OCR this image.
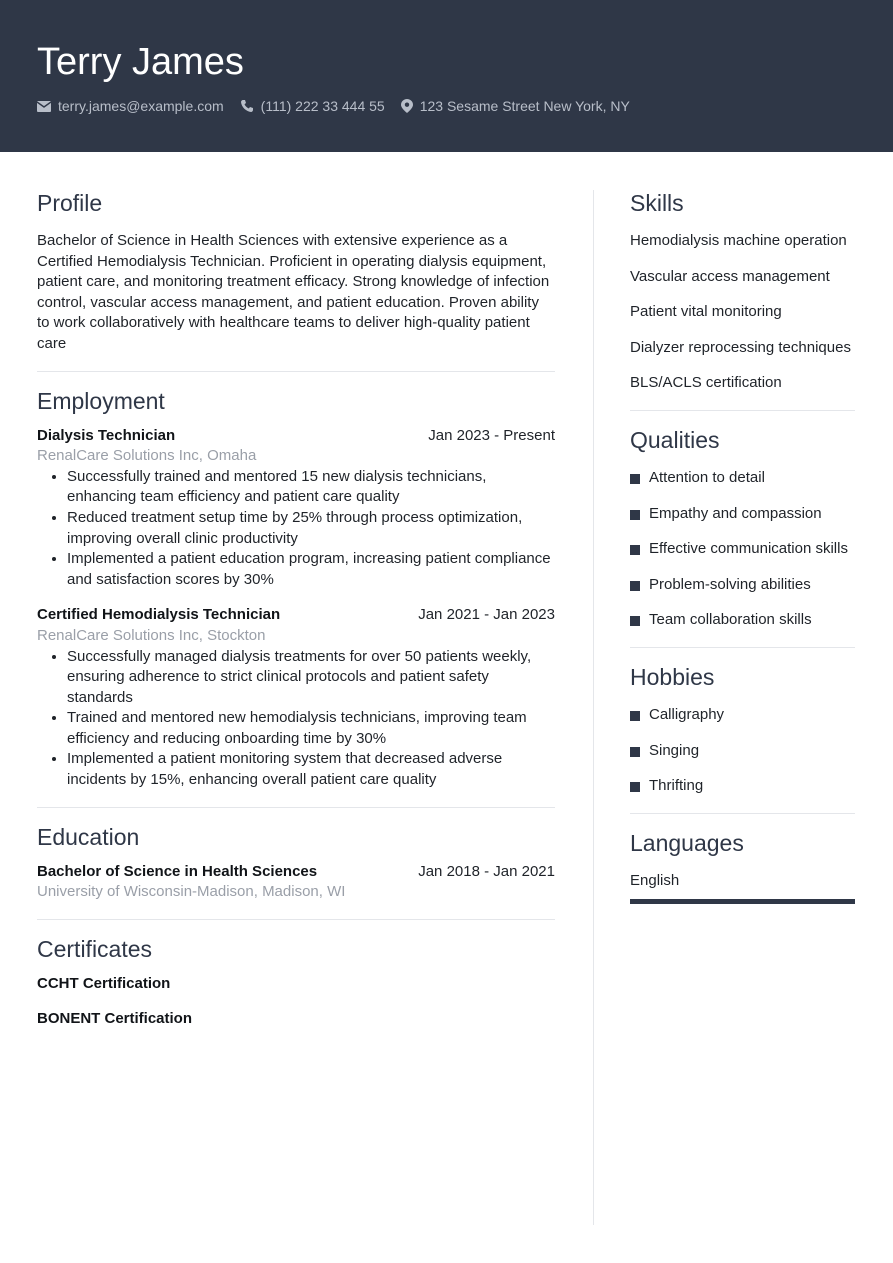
Terry James
terry.james@example.com	(111) 222 33 444 55	123 Sesame Street New York, NY
Profile
Bachelor of Science in Health Sciences with extensive experience as a Certified Hemodialysis Technician. Proficient in operating dialysis equipment, patient care, and monitoring treatment efficacy. Strong knowledge of infection control, vascular access management, and patient education. Proven ability to work collaboratively with healthcare teams to deliver high-quality patient care
Employment
Dialysis Technician	Jan 2023 - Present
RenalCare Solutions Inc, Omaha
• Successfully trained and mentored 15 new dialysis technicians, enhancing team efficiency and patient care quality
• Reduced treatment setup time by 25% through process optimization, improving overall clinic productivity
• Implemented a patient education program, increasing patient compliance and satisfaction scores by 30%
Certified Hemodialysis Technician	Jan 2021 - Jan 2023
RenalCare Solutions Inc, Stockton
• Successfully managed dialysis treatments for over 50 patients weekly, ensuring adherence to strict clinical protocols and patient safety standards
• Trained and mentored new hemodialysis technicians, improving team efficiency and reducing onboarding time by 30%
• Implemented a patient monitoring system that decreased adverse incidents by 15%, enhancing overall patient care quality
Education
Bachelor of Science in Health Sciences	Jan 2018 - Jan 2021
University of Wisconsin-Madison, Madison, WI
Certificates
CCHT Certification
BONENT Certification
Skills
Hemodialysis machine operation
Vascular access management
Patient vital monitoring
Dialyzer reprocessing techniques
BLS/ACLS certification
Qualities
Attention to detail
Empathy and compassion
Effective communication skills
Problem-solving abilities
Team collaboration skills
Hobbies
Calligraphy
Singing
Thrifting
Languages
English
